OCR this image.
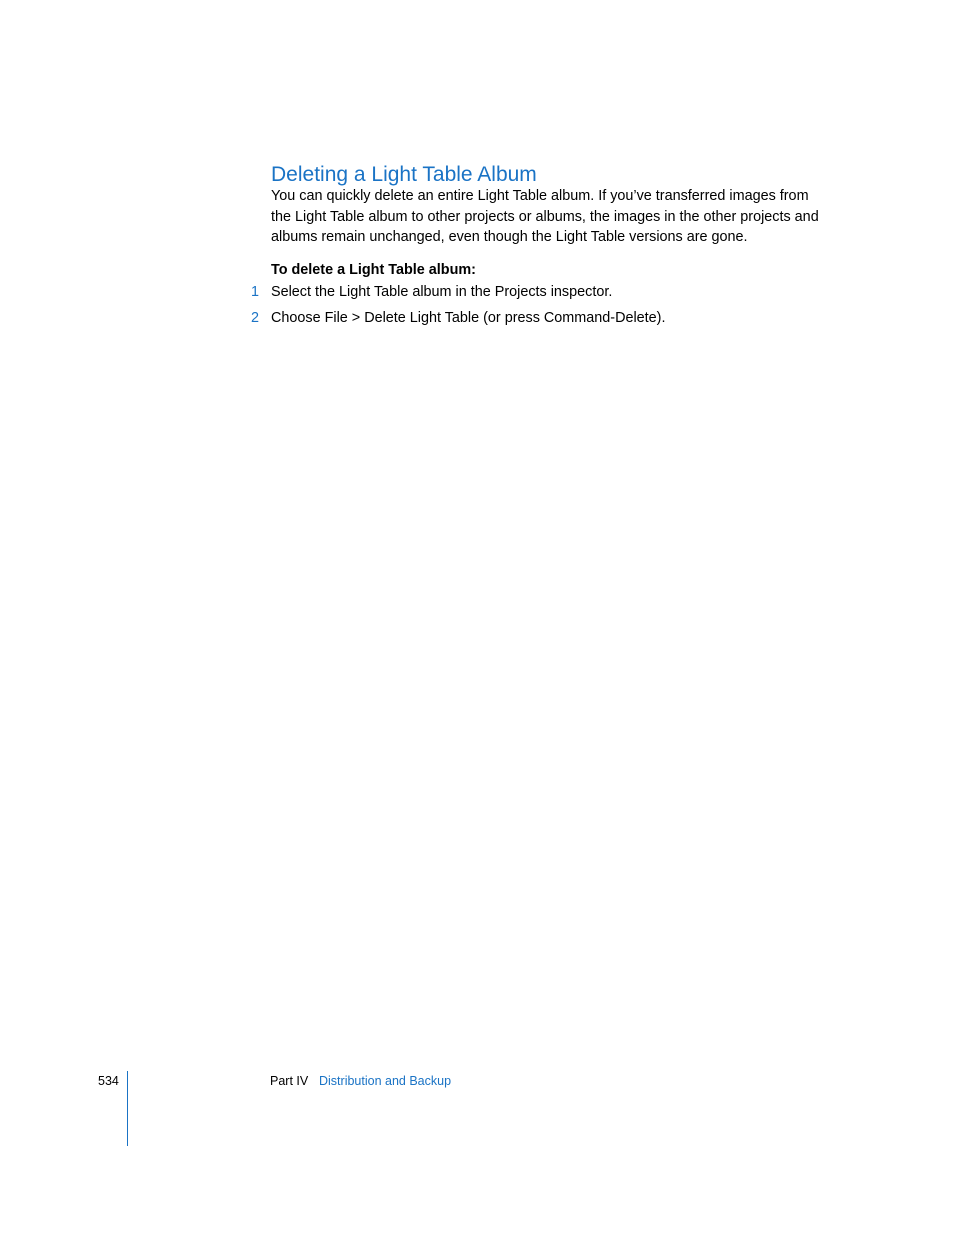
Deleting a Light Table Album

You can quickly delete an entire Light Table album. If you’ve transferred images from
the Light Table album to other projects or albums, the images in the other projects and
albums remain unchanged, even though the Light Table versions are gone.

To delete a Light Table album:

1 Select the Light Table album in the Projects inspector.
2 Choose File > Delete Light Table (or press Command-Delete).
534	Part IV Distribution and Backup
